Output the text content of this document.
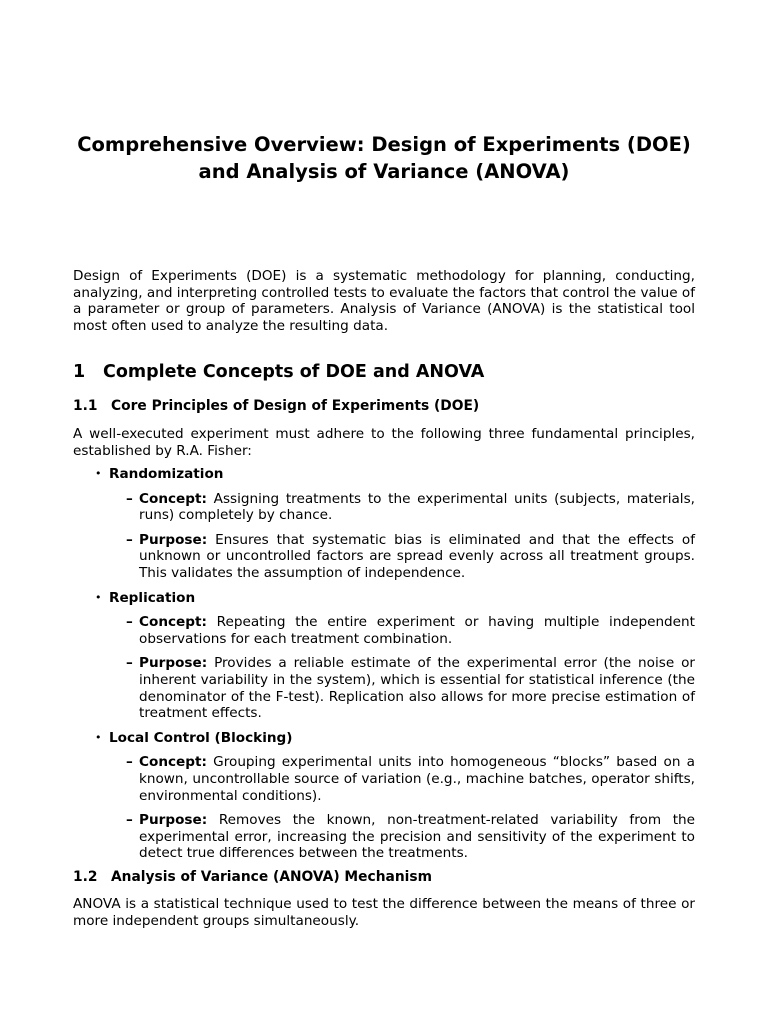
Comprehensive Overview: Design of Experiments (DOE)
and Analysis of Variance (ANOVA)

Design of Experiments (DOE) is a systematic methodology for planning, conducting, analyzing, and interpreting controlled tests to evaluate the factors that control the value of a parameter or group of parameters. Analysis of Variance (ANOVA) is the statistical tool most often used to analyze the resulting data.

1 Complete Concepts of DOE and ANOVA
1.1 Core Principles of Design of Experiments (DOE)

A well-executed experiment must adhere to the following three fundamental principles, established by R.A. Fisher:

• Randomization
– Concept: Assigning treatments to the experimental units (subjects, materials, runs) completely by chance.
– Purpose: Ensures that systematic bias is eliminated and that the effects of unknown or uncontrolled factors are spread evenly across all treatment groups. This validates the assumption of independence.
• Replication
– Concept: Repeating the entire experiment or having multiple independent observations for each treatment combination.
– Purpose: Provides a reliable estimate of the experimental error (the noise or inherent variability in the system), which is essential for statistical inference (the denominator of the F-test). Replication also allows for more precise estimation of treatment effects.
• Local Control (Blocking)
– Concept: Grouping experimental units into homogeneous “blocks” based on a known, uncontrollable source of variation (e.g., machine batches, operator shifts, environmental conditions).
– Purpose: Removes the known, non-treatment-related variability from the experimental error, increasing the precision and sensitivity of the experiment to detect true differences between the treatments.
1.2 Analysis of Variance (ANOVA) Mechanism

ANOVA is a statistical technique used to test the difference between the means of three or more independent groups simultaneously.
